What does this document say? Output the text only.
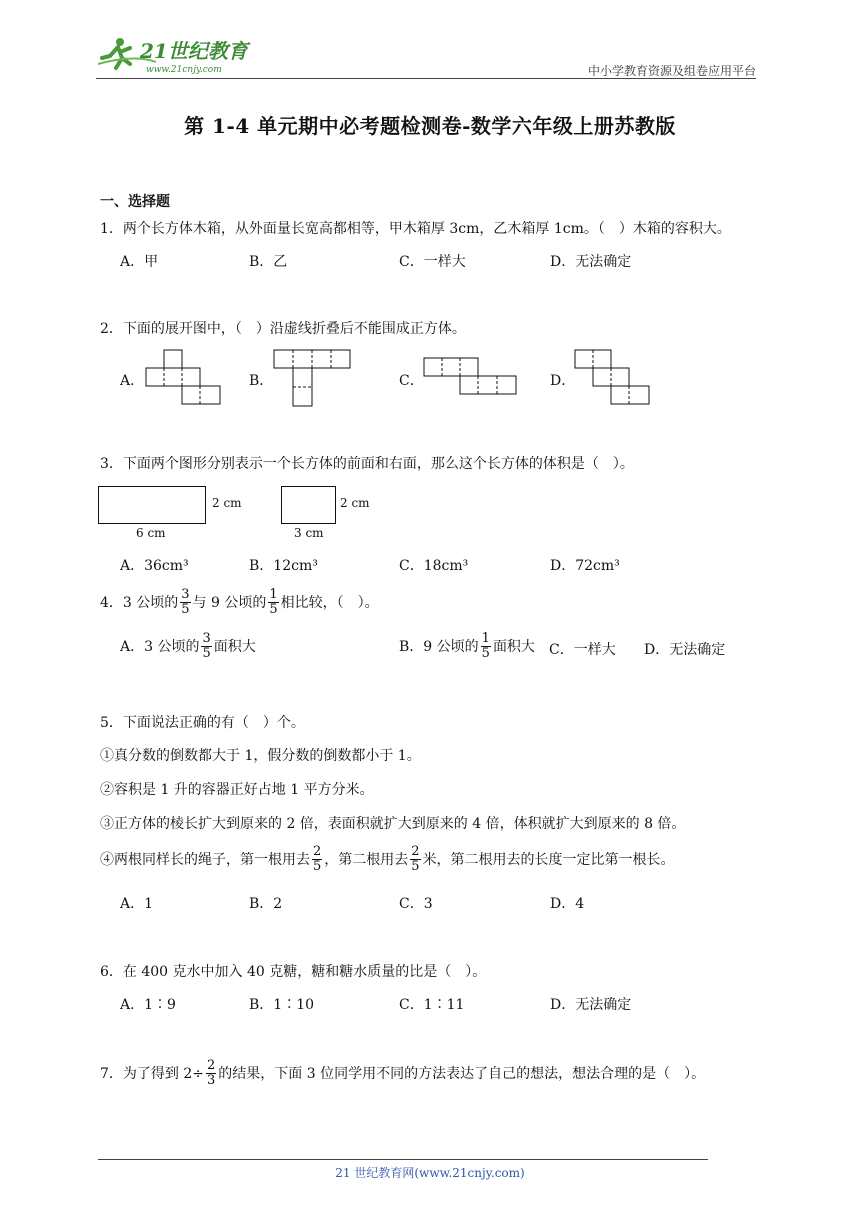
21世纪教育
www.21cnjy.com	中小学教育资源及组卷应用平台
第 1-4 单元期中必考题检测卷-数学六年级上册苏教版
一、选择题
1．两个长方体木箱，从外面量长宽高都相等，甲木箱厚 3cm，乙木箱厚 1cm。（　）木箱的容积大。
A．甲	B．乙	C．一样大	D．无法确定
2．下面的展开图中，（　）沿虚线折叠后不能围成正方体。
A．	B．	C．	D．
3．下面两个图形分别表示一个长方体的前面和右面，那么这个长方体的体积是（　）。
2 cm
6 cm
2 cm
3 cm
A．36cm³	B．12cm³	C．18cm³	D．72cm³
4．3 公顷的 $\frac{3}{5}$ 与 9 公顷的 $\frac{1}{5}$ 相比较，（　）。
A．3 公顷的 $\frac{3}{5}$ 面积大	B．9 公顷的 $\frac{1}{5}$ 面积大 C．一样大 D．无法确定
5．下面说法正确的有（　）个。
①真分数的倒数都大于 1，假分数的倒数都小于 1。
②容积是 1 升的容器正好占地 1 平方分米。
③正方体的棱长扩大到原来的 2 倍，表面积就扩大到原来的 4 倍，体积就扩大到原来的 8 倍。
④两根同样长的绳子，第一根用去 $\frac{2}{5}$ ，第二根用去 $\frac{2}{5}$ 米，第二根用去的长度一定比第一根长。
A．1	B．2	C．3	D．4
6．在 400 克水中加入 40 克糖，糖和糖水质量的比是（　）。
A．1∶9	B．1∶10	C．1∶11	D．无法确定
7．为了得到 $2\div \frac{2}{3}$ 的结果，下面 3 位同学用不同的方法表达了自己的想法，想法合理的是（　）。
21 世纪教育网(www.21cnjy.com)
